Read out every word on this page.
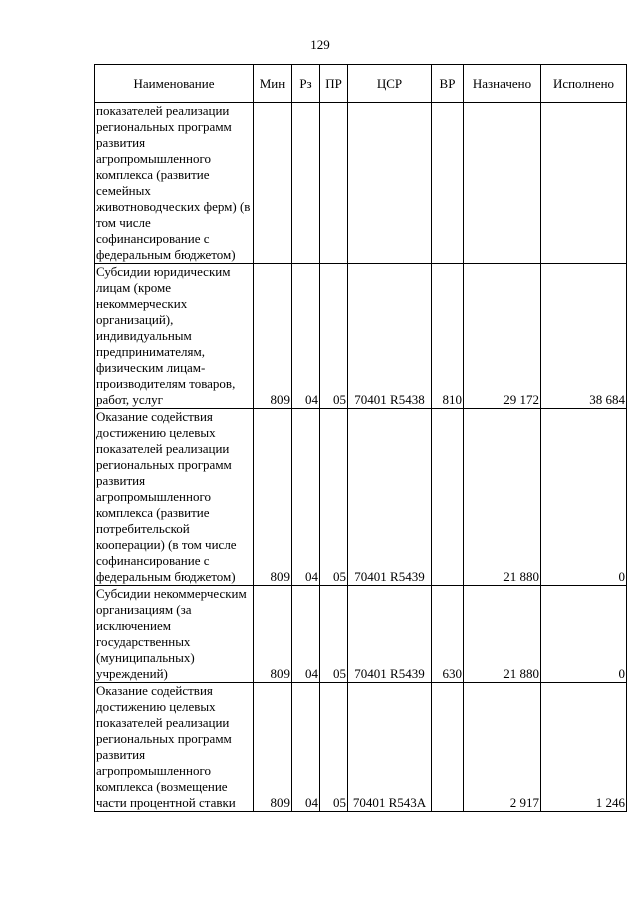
129
Наименование	Мин	Рз	ПР	ЦСР	ВР	Назначено	Исполнено
показателей реализации региональных программ развития агропромышленного комплекса (развитие семейных животноводческих ферм) (в том числе софинансирование с федеральным бюджетом)							
Субсидии юридическим лицам (кроме некоммерческих организаций), индивидуальным предпринимателям, физическим лицам-производителям товаров, работ, услуг	809	04	05	70401 R5438	810	29 172	38 684
Оказание содействия достижению целевых показателей реализации региональных программ развития агропромышленного комплекса (развитие потребительской кооперации) (в том числе софинансирование с федеральным бюджетом)	809	04	05	70401 R5439		21 880	0
Субсидии некоммерческим организациям (за исключением государственных (муниципальных) учреждений)	809	04	05	70401 R5439	630	21 880	0
Оказание содействия достижению целевых показателей реализации региональных программ развития агропромышленного комплекса (возмещение части процентной ставки	809	04	05	70401 R543A		2 917	1 246
